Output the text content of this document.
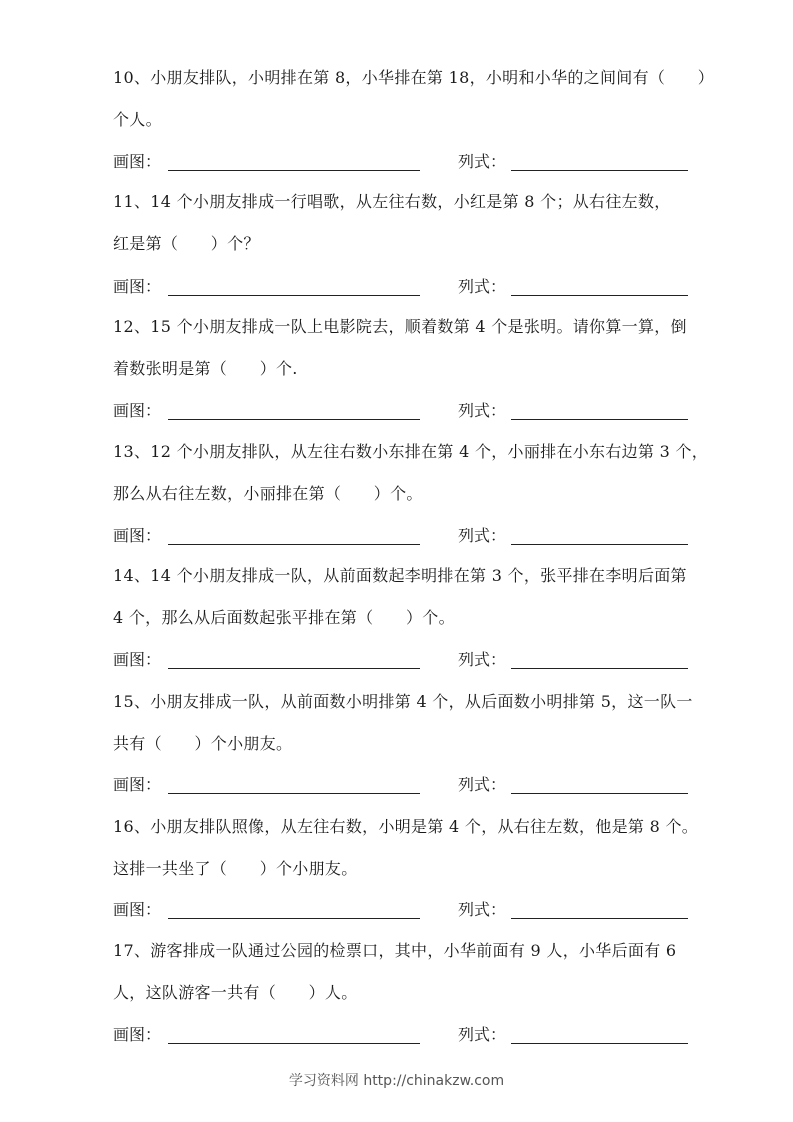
10、小朋友排队，小明排在第 8，小华排在第 18，小明和小华的之间间有（　　）
个人。
画图：	列式：
11、14 个小朋友排成一行唱歌，从左往右数，小红是第 8 个；从右往左数，
红是第（　　）个？
画图：	列式：
12、15 个小朋友排成一队上电影院去，顺着数第 4 个是张明。请你算一算，倒
着数张明是第（　　）个.
画图：	列式：
13、12 个小朋友排队，从左往右数小东排在第 4 个，小丽排在小东右边第 3 个，
那么从右往左数，小丽排在第（　　）个。
画图：	列式：
14、14 个小朋友排成一队，从前面数起李明排在第 3 个，张平排在李明后面第
4 个，那么从后面数起张平排在第（　　）个。
画图：	列式：
15、小朋友排成一队，从前面数小明排第 4 个，从后面数小明排第 5，这一队一
共有（　　）个小朋友。
画图：	列式：
16、小朋友排队照像，从左往右数，小明是第 4 个，从右往左数，他是第 8 个。
这排一共坐了（　　）个小朋友。
画图：	列式：
17、游客排成一队通过公园的检票口，其中，小华前面有 9 人，小华后面有 6
人，这队游客一共有（　　）人。
画图：	列式：
学习资料网 http://chinakzw.com
